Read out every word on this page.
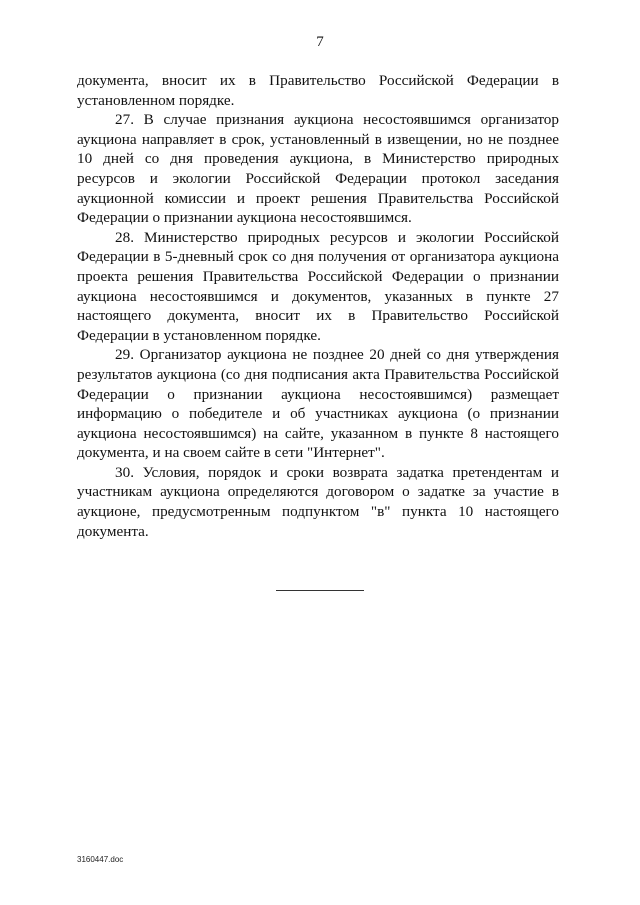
7

документа, вносит их в Правительство Российской Федерации в установленном порядке.

27. В случае признания аукциона несостоявшимся организатор аукциона направляет в срок, установленный в извещении, но не позднее 10 дней со дня проведения аукциона, в Министерство природных ресурсов и экологии Российской Федерации протокол заседания аукционной комиссии и проект решения Правительства Российской Федерации о признании аукциона несостоявшимся.

28. Министерство природных ресурсов и экологии Российской Федерации в 5-дневный срок со дня получения от организатора аукциона проекта решения Правительства Российской Федерации о признании аукциона несостоявшимся и документов, указанных в пункте 27 настоящего документа, вносит их в Правительство Российской Федерации в установленном порядке.

29. Организатор аукциона не позднее 20 дней со дня утверждения результатов аукциона (со дня подписания акта Правительства Российской Федерации о признании аукциона несостоявшимся) размещает информацию о победителе и об участниках аукциона (о признании аукциона несостоявшимся) на сайте, указанном в пункте 8 настоящего документа, и на своем сайте в сети "Интернет".

30. Условия, порядок и сроки возврата задатка претендентам и участникам аукциона определяются договором о задатке за участие в аукционе, предусмотренным подпунктом "в" пункта 10 настоящего документа.

3160447.doc
